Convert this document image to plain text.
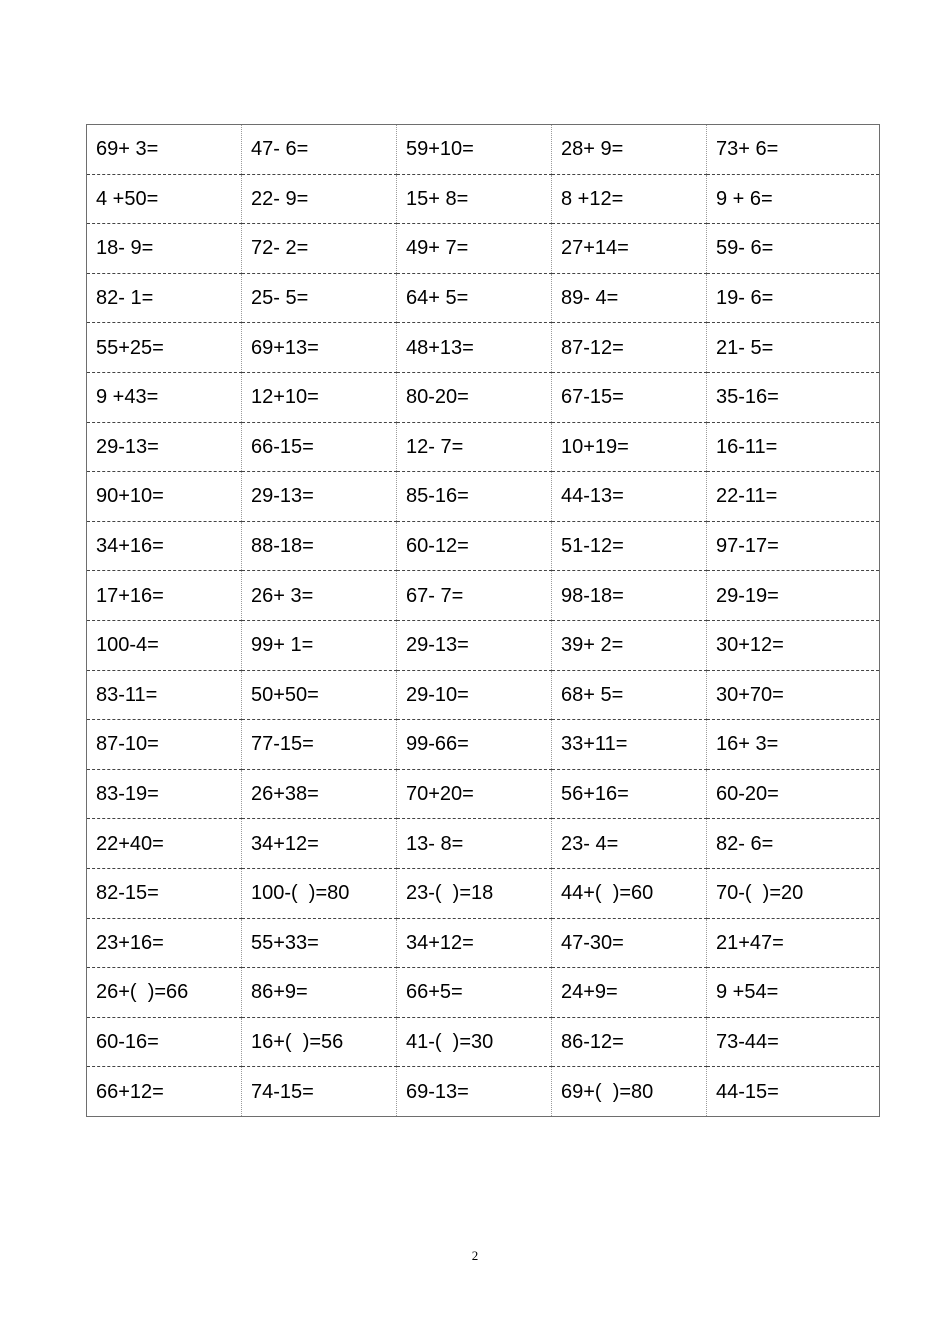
69+ 3=	47- 6=	59+10=	28+ 9=	73+ 6=
4 +50=	22- 9=	15+ 8=	8 +12=	9 + 6=
18- 9=	72- 2=	49+ 7=	27+14=	59- 6=
82- 1=	25- 5=	64+ 5=	89- 4=	19- 6=
55+25=	69+13=	48+13=	87-12=	21- 5=
9 +43=	12+10=	80-20=	67-15=	35-16=
29-13=	66-15=	12- 7=	10+19=	16-11=
90+10=	29-13=	85-16=	44-13=	22-11=
34+16=	88-18=	60-12=	51-12=	97-17=
17+16=	26+ 3=	67- 7=	98-18=	29-19=
100-4=	99+ 1=	29-13=	39+ 2=	30+12=
83-11=	50+50=	29-10=	68+ 5=	30+70=
87-10=	77-15=	99-66=	33+11=	16+ 3=
83-19=	26+38=	70+20=	56+16=	60-20=
22+40=	34+12=	13- 8=	23- 4=	82- 6=
82-15=	100-(  )=80	23-(  )=18	44+(  )=60	70-(  )=20
23+16=	55+33=	34+12=	47-30=	21+47=
26+(  )=66	86+9=	66+5=	24+9=	9 +54=
60-16=	16+(  )=56	41-(  )=30	86-12=	73-44=
66+12=	74-15=	69-13=	69+(  )=80	44-15=
2
